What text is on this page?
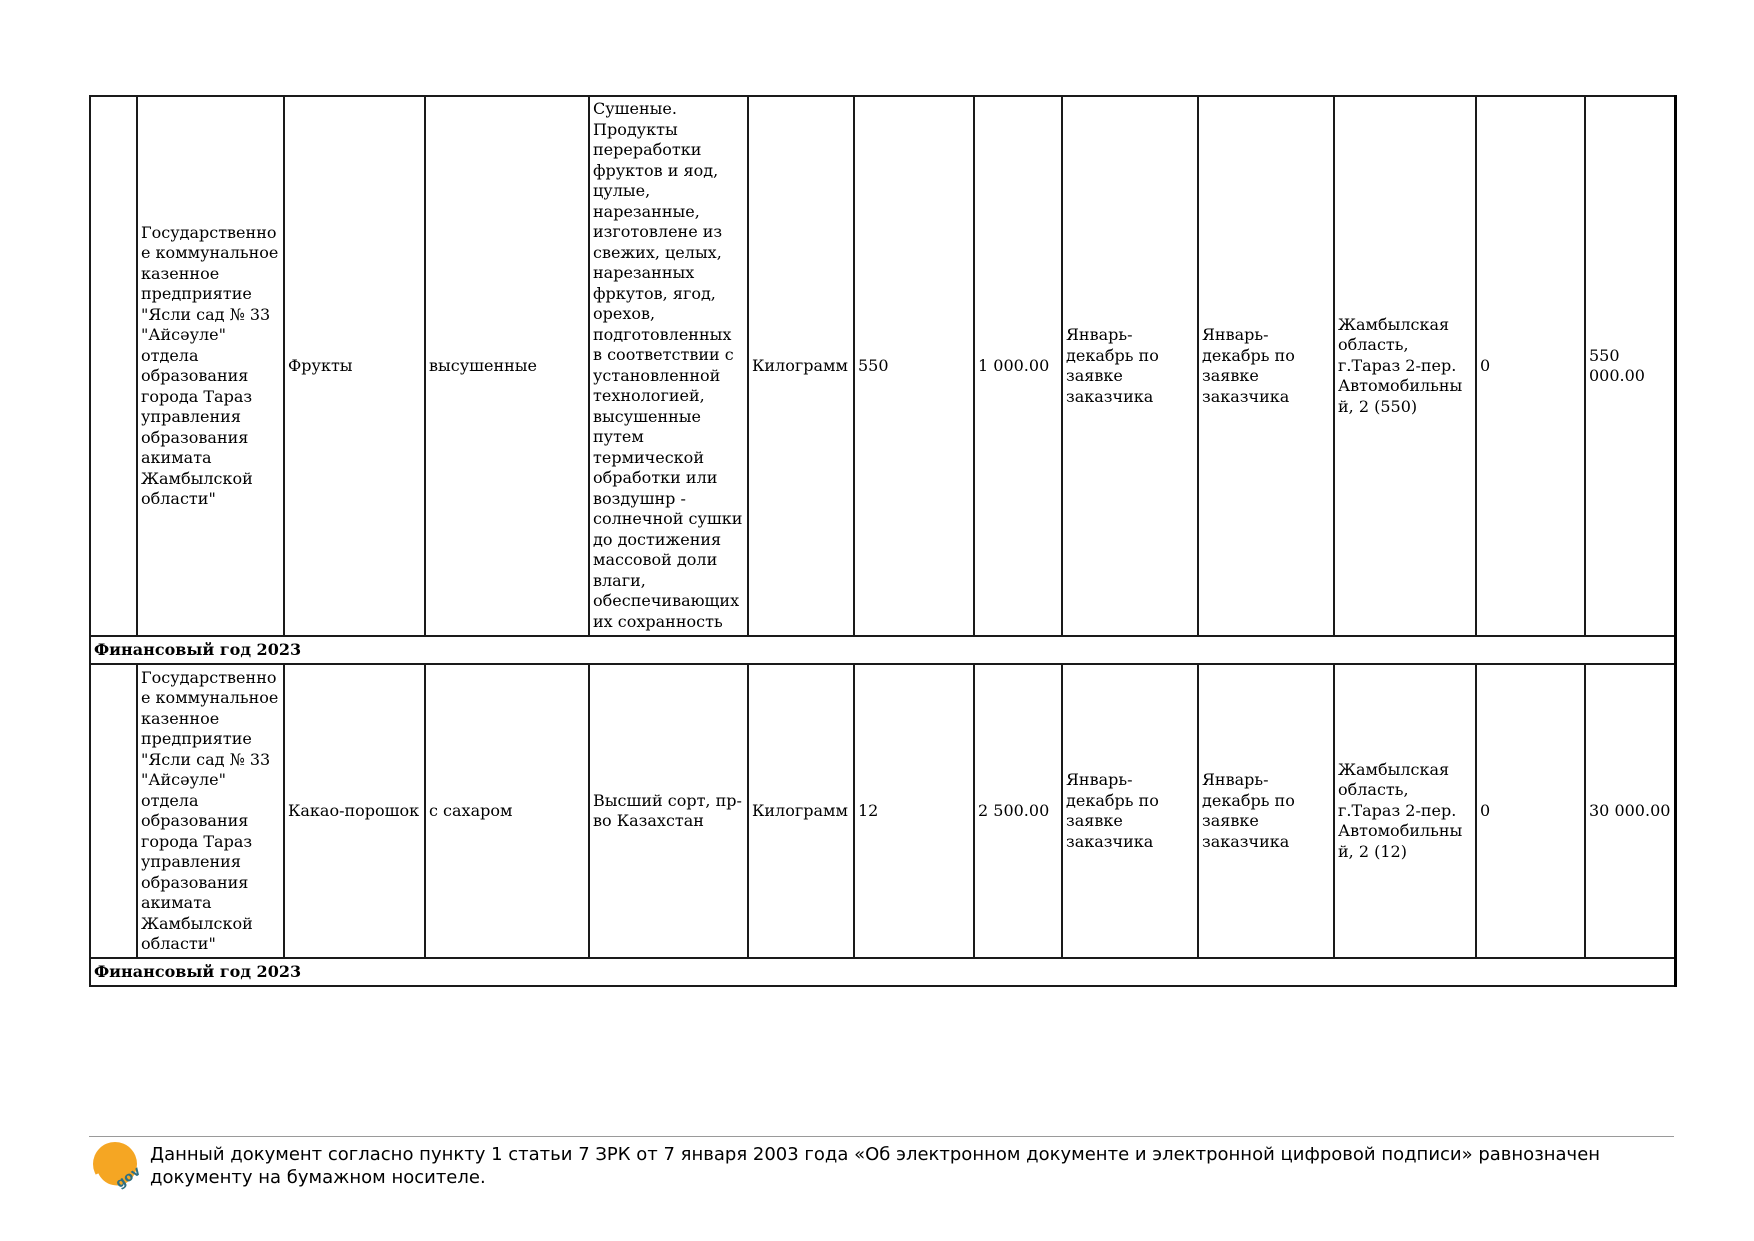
	Государственное коммунальное казенное предприятие "Ясли сад № 33 "Айсәуле" отдела образования города Тараз управления образования акимата Жамбылской области"	Фрукты	высушенные	Сушеные. Продукты переработки фруктов и яод, цулые, нарезанные, изготовлене из свежих, целых, нарезанных фркутов, ягод, орехов, подготовленных в соответствии с установленной технологией, высушенные путем термической обработки или воздушнр - солнечной сушки до достижения массовой доли влаги, обеспечивающих их сохранность	Килограмм	550	1 000.00	Январь-декабрь по заявке заказчика	Январь-декабрь по заявке заказчика	Жамбылская область, г.Тараз 2-пер. Автомобильный, 2 (550)	0	550 000.00
Финансовый год 2023												
	Государственное коммунальное казенное предприятие "Ясли сад № 33 "Айсәуле" отдела образования города Тараз управления образования акимата Жамбылской области"	Какао-порошок	с сахаром	Высший сорт, пр-во Казахстан	Килограмм	12	2 500.00	Январь-декабрь по заявке заказчика	Январь-декабрь по заявке заказчика	Жамбылская область, г.Тараз 2-пер. Автомобильный, 2 (12)	0	30 000.00
Финансовый год 2023												
gov
Данный документ согласно пункту 1 статьи 7 ЗРК от 7 января 2003 года «Об электронном документе и электронной цифровой подписи» равнозначен документу на бумажном носителе.
